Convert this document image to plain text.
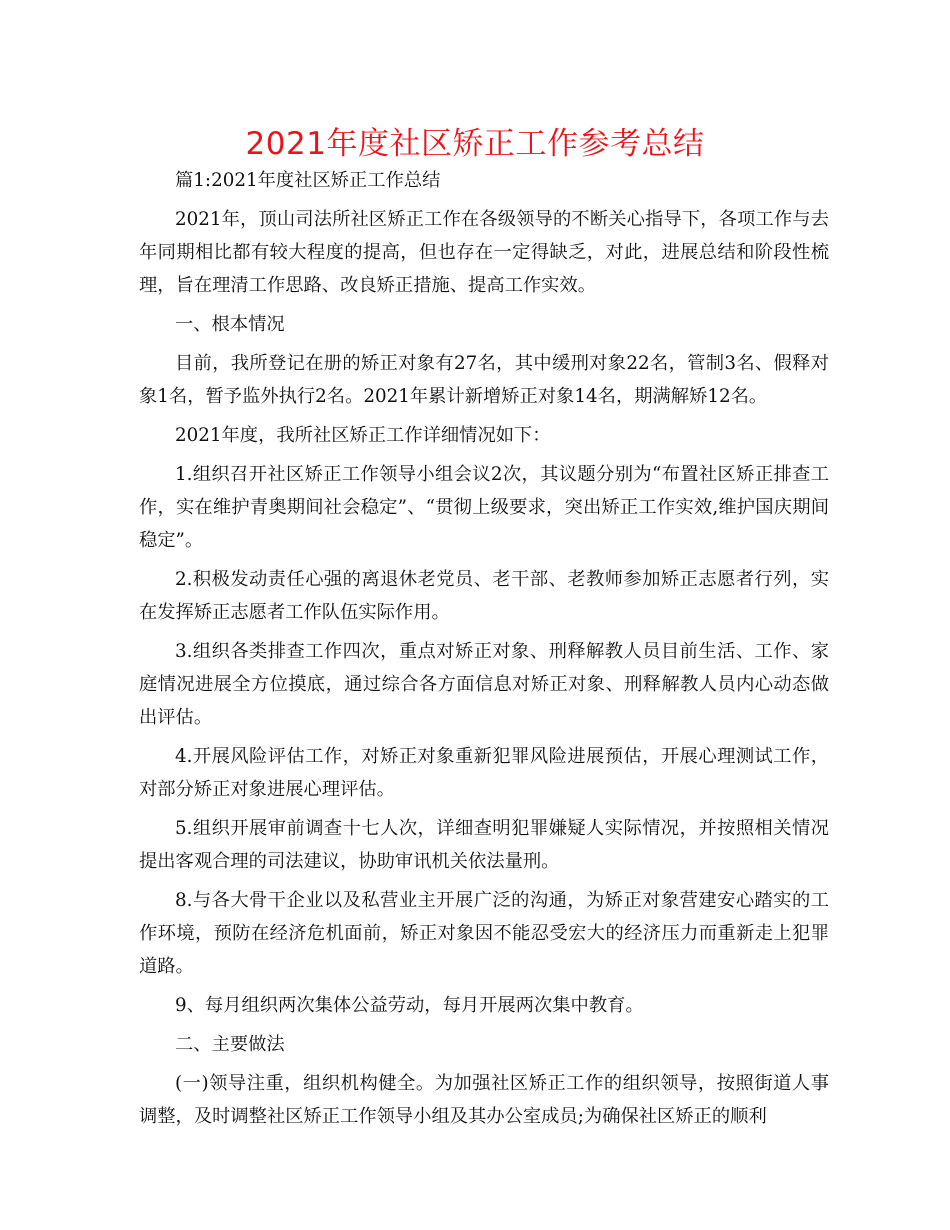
2021年度社区矫正工作参考总结

篇1:2021年度社区矫正工作总结

2021年，顶山司法所社区矫正工作在各级领导的不断关心指导下，各项工作与去年同期相比都有较大程度的提高，但也存在一定得缺乏，对此，进展总结和阶段性梳理，旨在理清工作思路、改良矫正措施、提高工作实效。

一、根本情况

目前，我所登记在册的矫正对象有27名，其中缓刑对象22名，管制3名、假释对象1名，暂予监外执行2名。2021年累计新增矫正对象14名，期满解矫12名。

2021年度，我所社区矫正工作详细情况如下：

1.组织召开社区矫正工作领导小组会议2次，其议题分别为“布置社区矫正排查工作，实在维护青奥期间社会稳定”、“贯彻上级要求，突出矫正工作实效,维护国庆期间稳定”。

2.积极发动责任心强的离退休老党员、老干部、老教师参加矫正志愿者行列，实在发挥矫正志愿者工作队伍实际作用。

3.组织各类排查工作四次，重点对矫正对象、刑释解教人员目前生活、工作、家庭情况进展全方位摸底，通过综合各方面信息对矫正对象、刑释解教人员内心动态做出评估。

4.开展风险评估工作，对矫正对象重新犯罪风险进展预估，开展心理测试工作，对部分矫正对象进展心理评估。

5.组织开展审前调查十七人次，详细查明犯罪嫌疑人实际情况，并按照相关情况提出客观合理的司法建议，协助审讯机关依法量刑。

8.与各大骨干企业以及私营业主开展广泛的沟通，为矫正对象营建安心踏实的工作环境，预防在经济危机面前，矫正对象因不能忍受宏大的经济压力而重新走上犯罪道路。

9、每月组织两次集体公益劳动，每月开展两次集中教育。

二、主要做法

(一)领导注重，组织机构健全。为加强社区矫正工作的组织领导，按照街道人事调整，及时调整社区矫正工作领导小组及其办公室成员;为确保社区矫正的顺利
